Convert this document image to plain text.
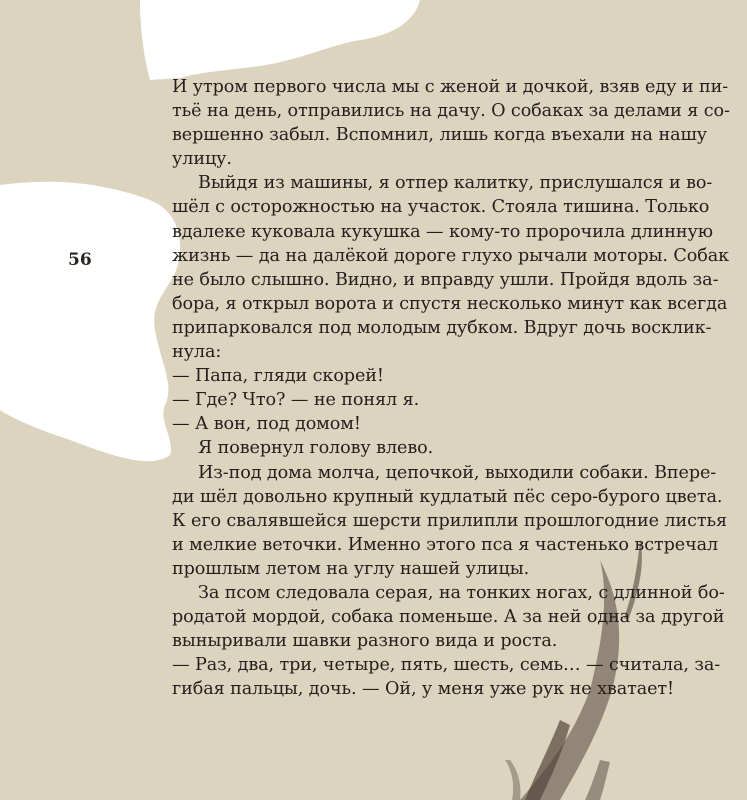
56
И утром первого числа мы с женой и дочкой, взяв еду и пи-
тьё на день, отправились на дачу. О собаках за делами я со-
вершенно забыл. Вспомнил, лишь когда въехали на нашу
улицу.
Выйдя из машины, я отпер калитку, прислушался и во-
шёл с осторожностью на участок. Стояла тишина. Только
вдалеке куковала кукушка — кому-то пророчила длинную
жизнь — да на далёкой дороге глухо рычали моторы. Собак
не было слышно. Видно, и вправду ушли. Пройдя вдоль за-
бора, я открыл ворота и спустя несколько минут как всегда
припарковался под молодым дубком. Вдруг дочь восклик-
нула:
— Папа, гляди скорей!
— Где? Что? — не понял я.
— А вон, под домом!
Я повернул голову влево.
Из-под дома молча, цепочкой, выходили собаки. Впере-
ди шёл довольно крупный кудлатый пёс серо-бурого цвета.
К его свалявшейся шерсти прилипли прошлогодние листья
и мелкие веточки. Именно этого пса я частенько встречал
прошлым летом на углу нашей улицы.
За псом следовала серая, на тонких ногах, с длинной бо-
родатой мордой, собака поменьше. А за ней одна за другой
выныривали шавки разного вида и роста.
— Раз, два, три, четыре, пять, шесть, семь… — считала, за-
гибая пальцы, дочь. — Ой, у меня уже рук не хватает!
